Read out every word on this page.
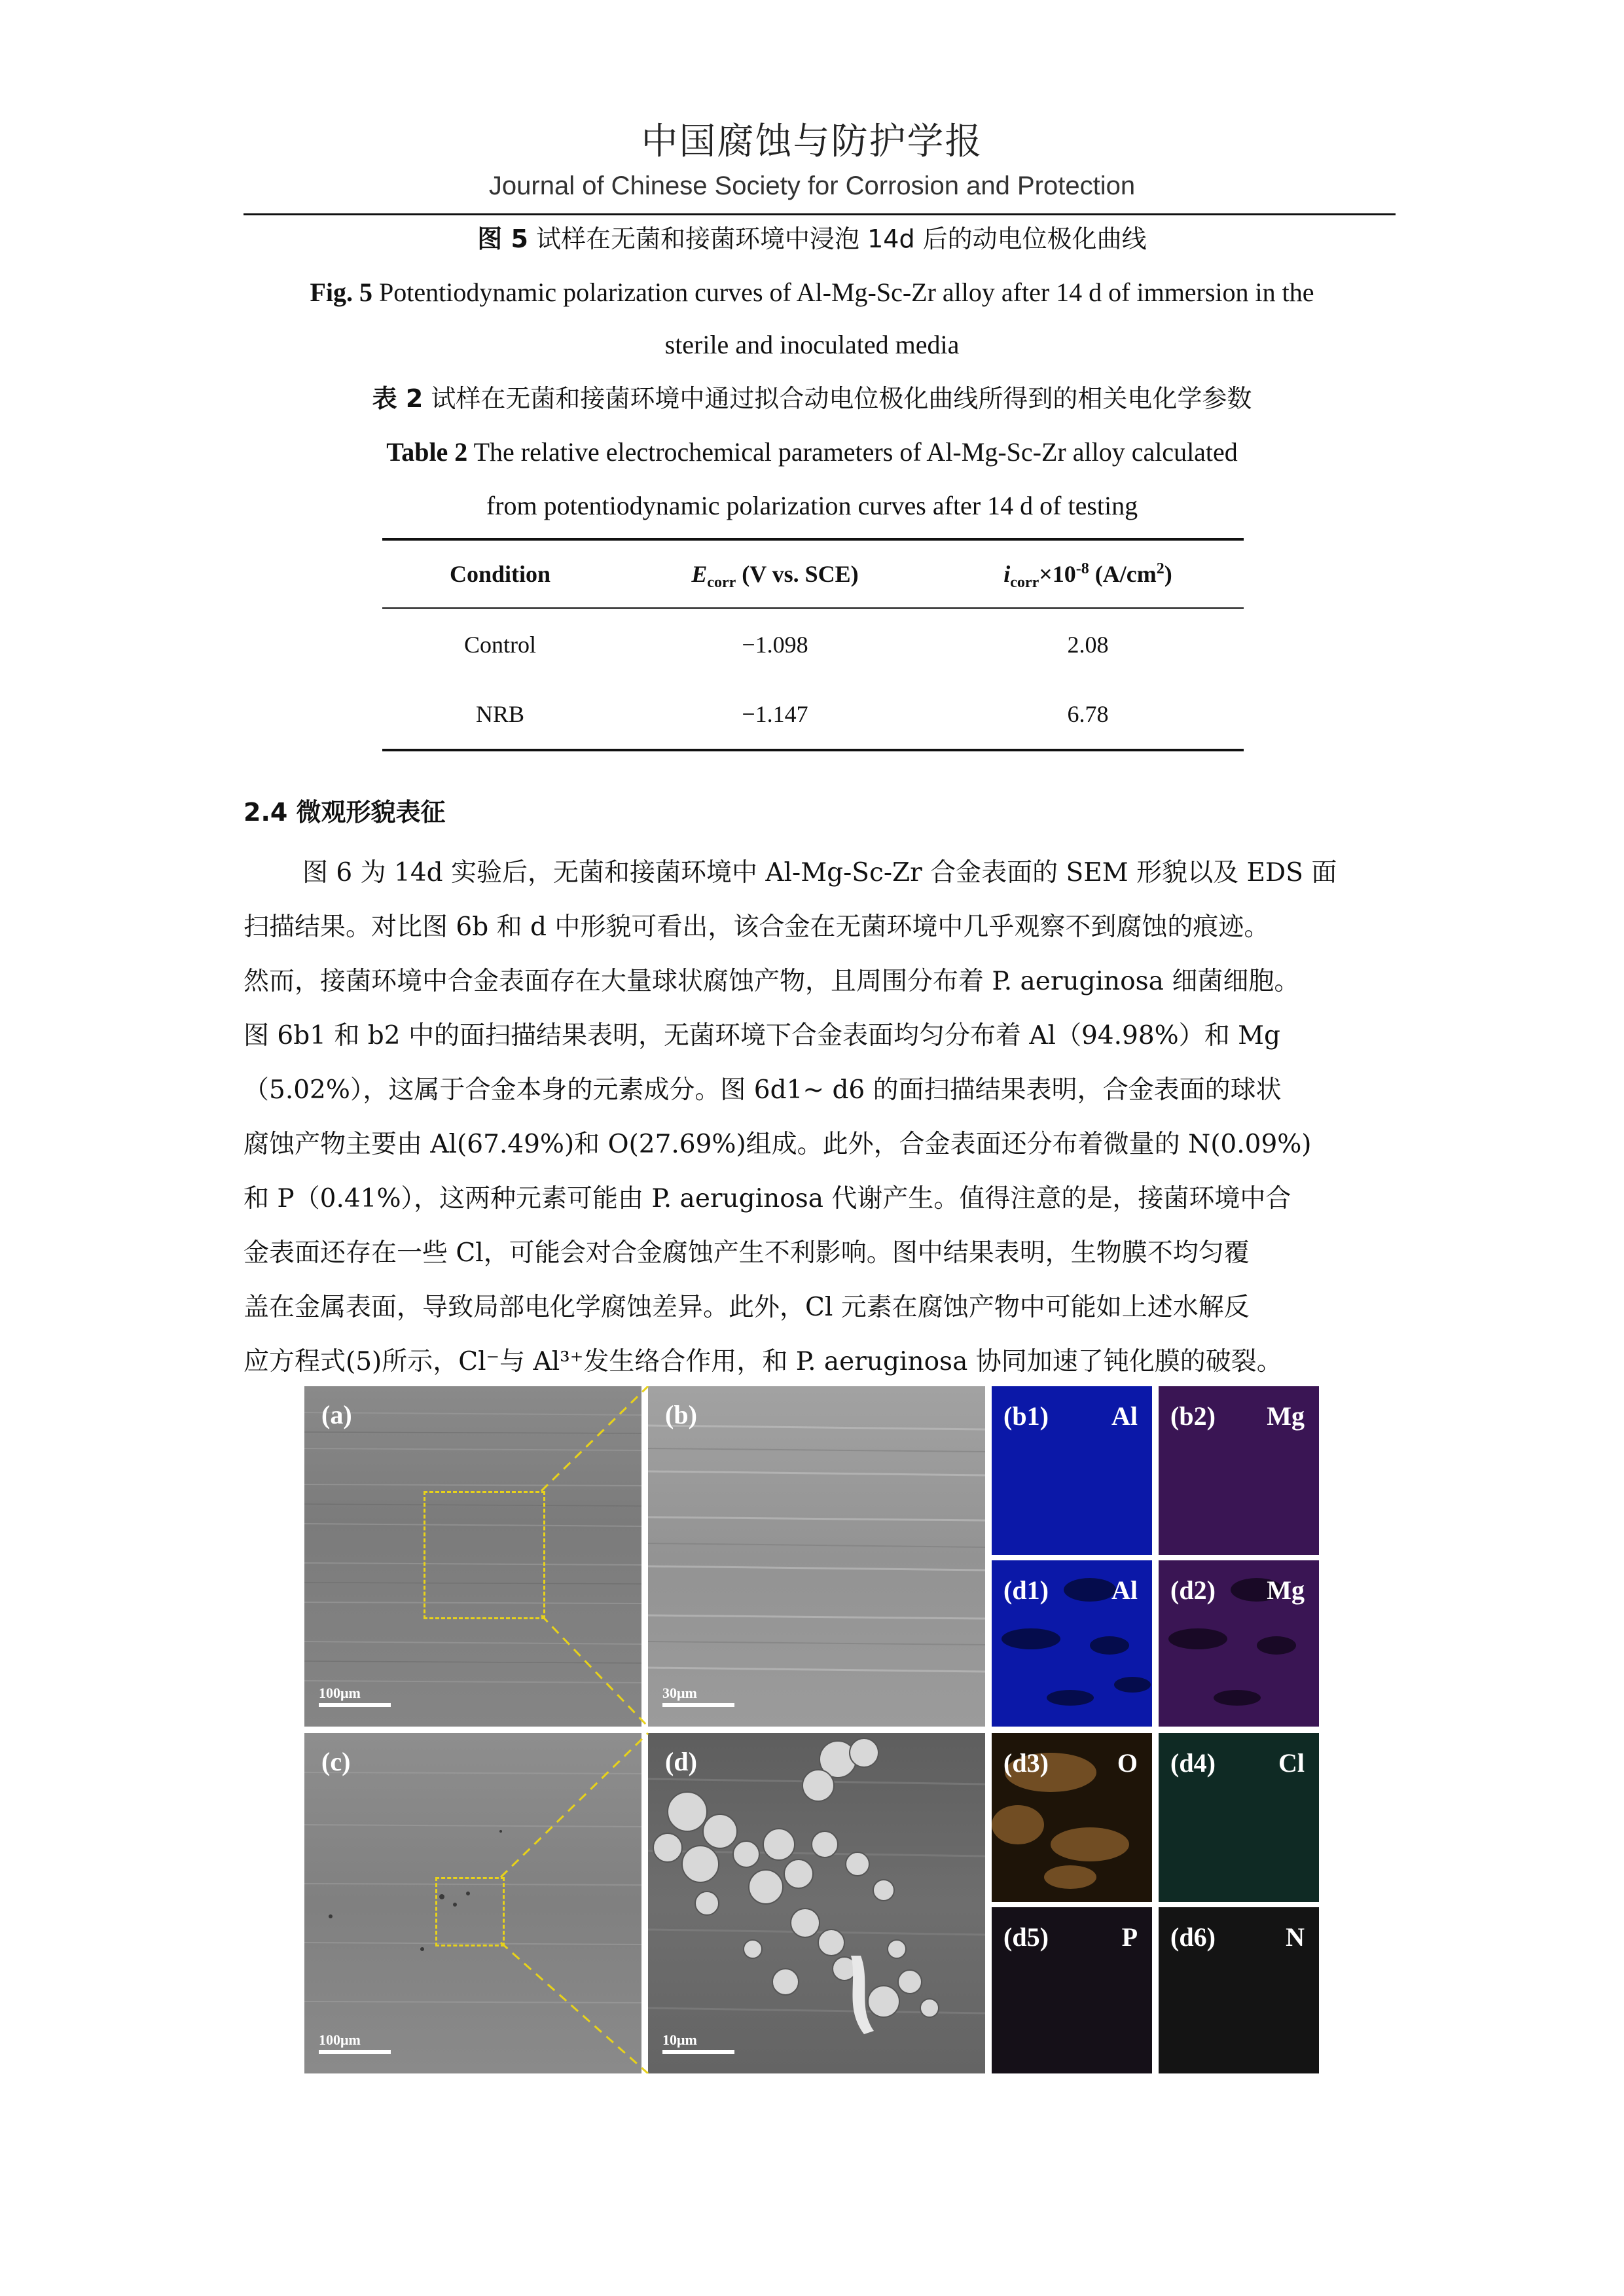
中国腐蚀与防护学报
Journal of Chinese Society for Corrosion and Protection
图 5 试样在无菌和接菌环境中浸泡 14d 后的动电位极化曲线
Fig. 5 Potentiodynamic polarization curves of Al-Mg-Sc-Zr alloy after 14 d of immersion in the
sterile and inoculated media
表 2 试样在无菌和接菌环境中通过拟合动电位极化曲线所得到的相关电化学参数
Table 2 The relative electrochemical parameters of Al-Mg-Sc-Zr alloy calculated
from potentiodynamic polarization curves after 14 d of testing
Condition	$E_{corr}$ (V vs. SCE)	$i_{corr}\times 10^{-8}$ $(A/cm^2)$
Control	−1.098	2.08
NRB	−1.147	6.78
2.4 微观形貌表征
图 6 为 14d 实验后，无菌和接菌环境中 Al-Mg-Sc-Zr 合金表面的 SEM 形貌以及 EDS 面
扫描结果。对比图 6b 和 d 中形貌可看出，该合金在无菌环境中几乎观察不到腐蚀的痕迹。
然而，接菌环境中合金表面存在大量球状腐蚀产物，且周围分布着 P. aeruginosa 细菌细胞。
图 6b1 和 b2 中的面扫描结果表明，无菌环境下合金表面均匀分布着 Al（94.98%）和 Mg
（5.02%），这属于合金本身的元素成分。图 6d1~ d6 的面扫描结果表明，合金表面的球状
腐蚀产物主要由 Al(67.49%)和 O(27.69%)组成。此外，合金表面还分布着微量的 N(0.09%)
和 P（0.41%），这两种元素可能由 P. aeruginosa 代谢产生。值得注意的是，接菌环境中合
金表面还存在一些 Cl，可能会对合金腐蚀产生不利影响。图中结果表明，生物膜不均匀覆
盖在金属表面，导致局部电化学腐蚀差异。此外，Cl 元素在腐蚀产物中可能如上述水解反
应方程式(5)所示，Cl⁻与 Al³⁺发生络合作用，和 P. aeruginosa 协同加速了钝化膜的破裂。
(a)
100μm
(b)
30μm
(c)
100μm
(d)
10μm
(b1) Al (b2) Mg
(d1) Al (d2) Mg
(d3)	O (d4) Cl
(d5)	P (d6)	N
